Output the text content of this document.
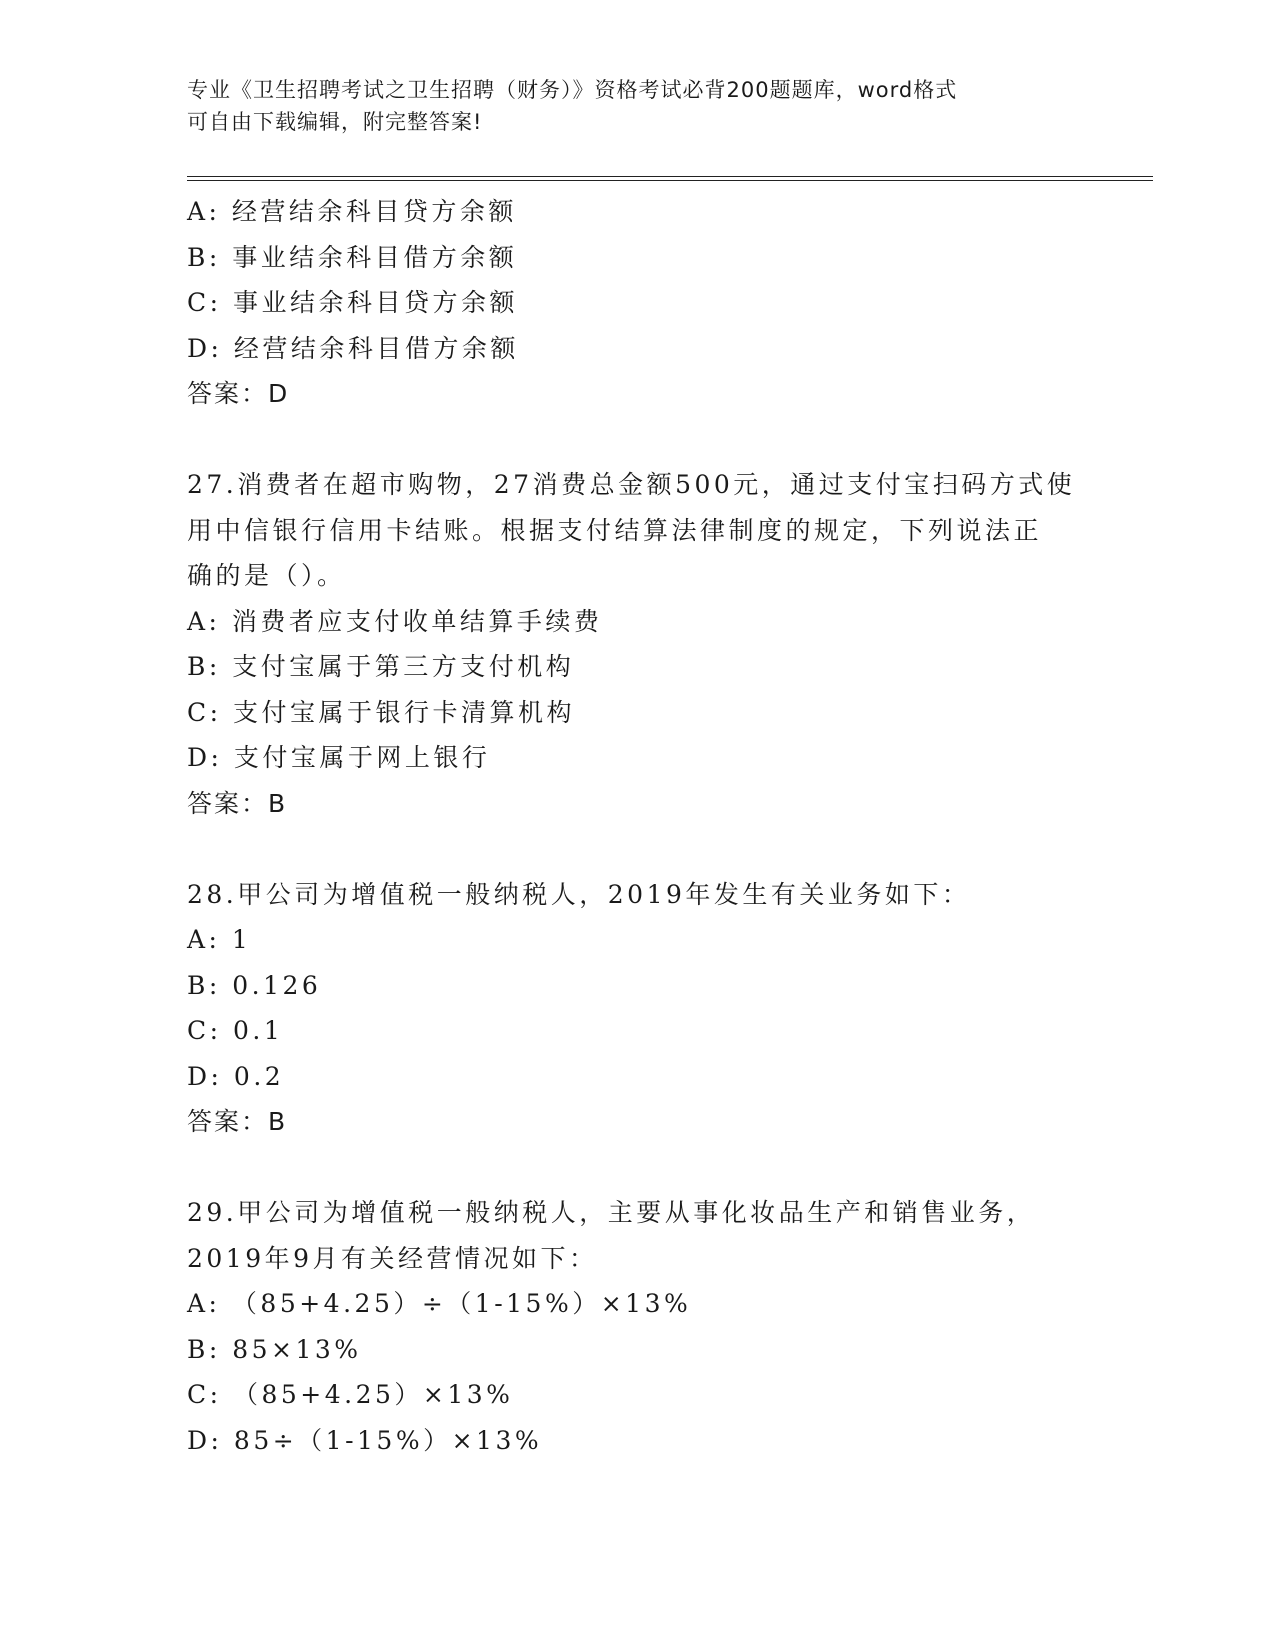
专业《卫生招聘考试之卫生招聘（财务）》资格考试必背200题题库，word格式
可自由下载编辑，附完整答案!
A: 经营结余科目贷方余额
B: 事业结余科目借方余额
C: 事业结余科目贷方余额
D: 经营结余科目借方余额
答案：D
27.消费者在超市购物，27消费总金额500元，通过支付宝扫码方式使
用中信银行信用卡结账。根据支付结算法律制度的规定，下列说法正
确的是（）。
A: 消费者应支付收单结算手续费
B: 支付宝属于第三方支付机构
C: 支付宝属于银行卡清算机构
D: 支付宝属于网上银行
答案：B
28.甲公司为增值税一般纳税人，2019年发生有关业务如下：
A: 1
B: 0.126
C: 0.1
D: 0.2
答案：B
29.甲公司为增值税一般纳税人，主要从事化妆品生产和销售业务，
2019年9月有关经营情况如下：
A: （85+4.25）÷（1-15%）×13%
B: 85×13%
C: （85+4.25）×13%
D: 85÷（1-15%）×13%
